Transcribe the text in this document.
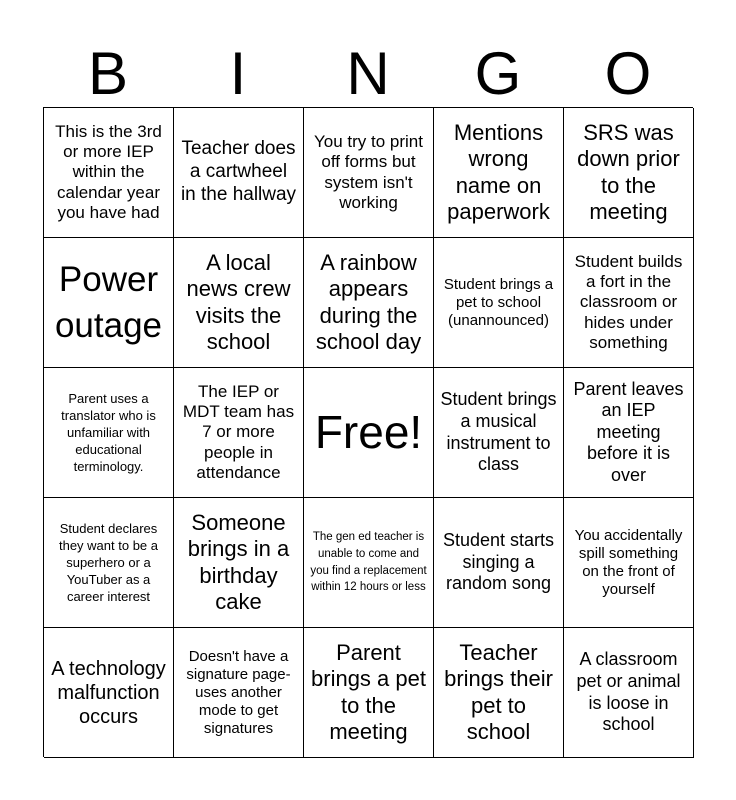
B	I	N	G	O
This is the 3rd or more IEP within the calendar year you have had
Teacher does a cartwheel in the hallway
You try to print off forms but system isn't working
Mentions wrong name on paperwork
SRS was down prior to the meeting
Power outage
A local news crew visits the school
A rainbow appears during the school day
Student brings a pet to school (unannounced)
Student builds a fort in the classroom or hides under something
Parent uses a translator who is unfamiliar with educational terminology.
The IEP or MDT team has 7 or more people in attendance
Free!
Student brings a musical instrument to class
Parent leaves an IEP meeting before it is over
Student declares they want to be a superhero or a YouTuber as a career interest
Someone brings in a birthday cake
The gen ed teacher is unable to come and you find a replacement within 12 hours or less
Student starts singing a random song
You accidentally spill something on the front of yourself
A technology malfunction occurs
Doesn't have a signature page-uses another mode to get signatures
Parent brings a pet to the meeting
Teacher brings their pet to school
A classroom pet or animal is loose in school
